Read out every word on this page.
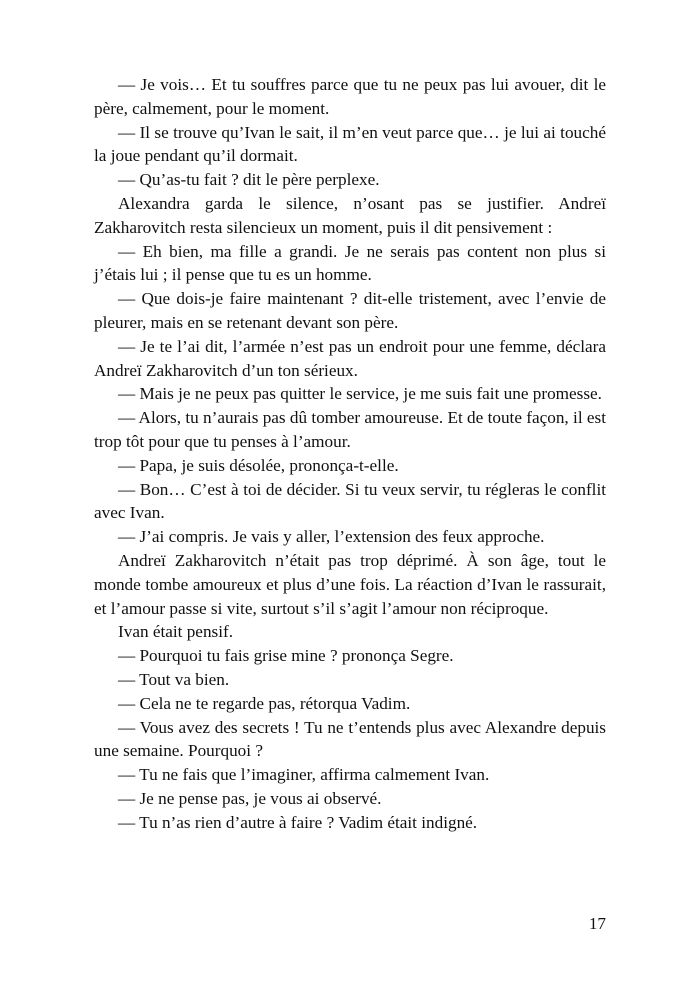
— Je vois… Et tu souffres parce que tu ne peux pas lui avouer, dit le père, calmement, pour le moment.

— Il se trouve qu’Ivan le sait, il m’en veut parce que… je lui ai touché la joue pendant qu’il dormait.

— Qu’as-tu fait ? dit le père perplexe.

Alexandra garda le silence, n’osant pas se justifier. Andreï Zakharovitch resta silencieux un moment, puis il dit pensivement :

— Eh bien, ma fille a grandi. Je ne serais pas content non plus si j’étais lui ; il pense que tu es un homme.

— Que dois-je faire maintenant ? dit-elle tristement, avec l’envie de pleurer, mais en se retenant devant son père.

— Je te l’ai dit, l’armée n’est pas un endroit pour une femme, déclara Andreï Zakharovitch d’un ton sérieux.

— Mais je ne peux pas quitter le service, je me suis fait une promesse.

— Alors, tu n’aurais pas dû tomber amoureuse. Et de toute façon, il est trop tôt pour que tu penses à l’amour.

— Papa, je suis désolée, prononça-t-elle.

— Bon… C’est à toi de décider. Si tu veux servir, tu régleras le conflit avec Ivan.

— J’ai compris. Je vais y aller, l’extension des feux approche.

Andreï Zakharovitch n’était pas trop déprimé. À son âge, tout le monde tombe amoureux et plus d’une fois. La réaction d’Ivan le rassurait, et l’amour passe si vite, surtout s’il s’agit l’amour non réciproque.

Ivan était pensif.

— Pourquoi tu fais grise mine ? prononça Segre.

— Tout va bien.

— Cela ne te regarde pas, rétorqua Vadim.

— Vous avez des secrets ! Tu ne t’entends plus avec Alexandre depuis une semaine. Pourquoi ?

— Tu ne fais que l’imaginer, affirma calmement Ivan.

— Je ne pense pas, je vous ai observé.

— Tu n’as rien d’autre à faire ? Vadim était indigné.

17
